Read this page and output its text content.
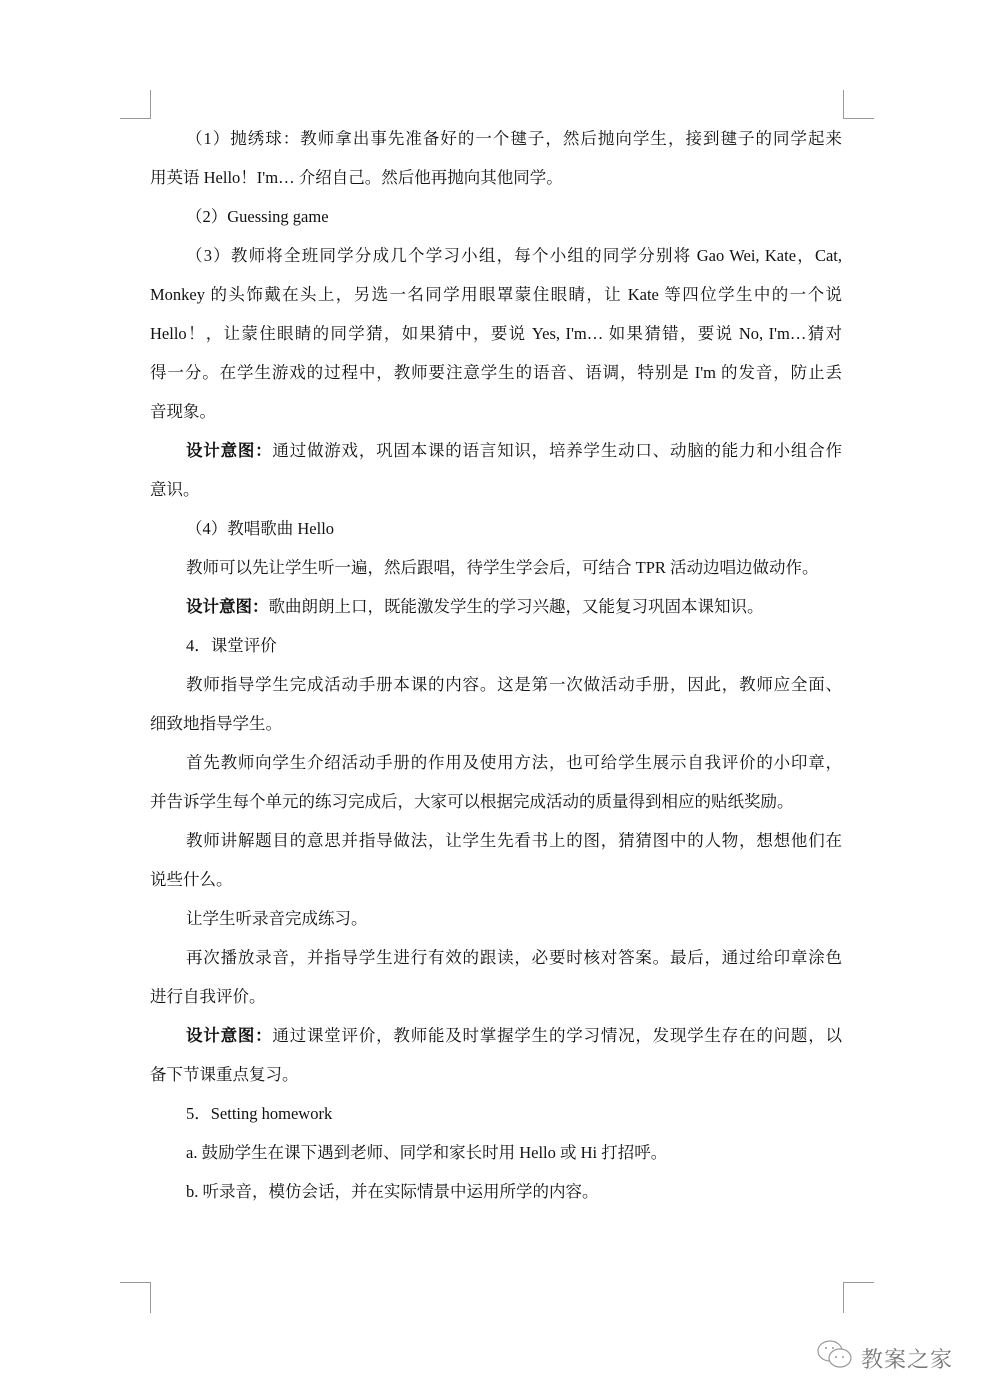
（1）抛绣球：教师拿出事先准备好的一个毽子，然后抛向学生，接到毽子的同学起来
用英语 Hello！I'm… 介绍自己。然后他再抛向其他同学。
（2）Guessing game
（3）教师将全班同学分成几个学习小组，每个小组的同学分别将 Gao Wei, Kate，Cat,
Monkey 的头饰戴在头上，另选一名同学用眼罩蒙住眼睛，让 Kate 等四位学生中的一个说
Hello！，让蒙住眼睛的同学猜，如果猜中，要说 Yes, I'm… 如果猜错，要说 No, I'm…猜对
得一分。在学生游戏的过程中，教师要注意学生的语音、语调，特别是 I'm 的发音，防止丢
音现象。
设计意图：通过做游戏，巩固本课的语言知识，培养学生动口、动脑的能力和小组合作
意识。
（4）教唱歌曲 Hello
教师可以先让学生听一遍，然后跟唱，待学生学会后，可结合 TPR 活动边唱边做动作。
设计意图：歌曲朗朗上口，既能激发学生的学习兴趣，又能复习巩固本课知识。
4．课堂评价
教师指导学生完成活动手册本课的内容。这是第一次做活动手册，因此，教师应全面、
细致地指导学生。
首先教师向学生介绍活动手册的作用及使用方法，也可给学生展示自我评价的小印章，
并告诉学生每个单元的练习完成后，大家可以根据完成活动的质量得到相应的贴纸奖励。
教师讲解题目的意思并指导做法，让学生先看书上的图，猜猜图中的人物，想想他们在
说些什么。
让学生听录音完成练习。
再次播放录音，并指导学生进行有效的跟读，必要时核对答案。最后，通过给印章涂色
进行自我评价。
设计意图：通过课堂评价，教师能及时掌握学生的学习情况，发现学生存在的问题，以
备下节课重点复习。
5．Setting homework
a. 鼓励学生在课下遇到老师、同学和家长时用 Hello 或 Hi 打招呼。
b. 听录音，模仿会话，并在实际情景中运用所学的内容。
教案之家
